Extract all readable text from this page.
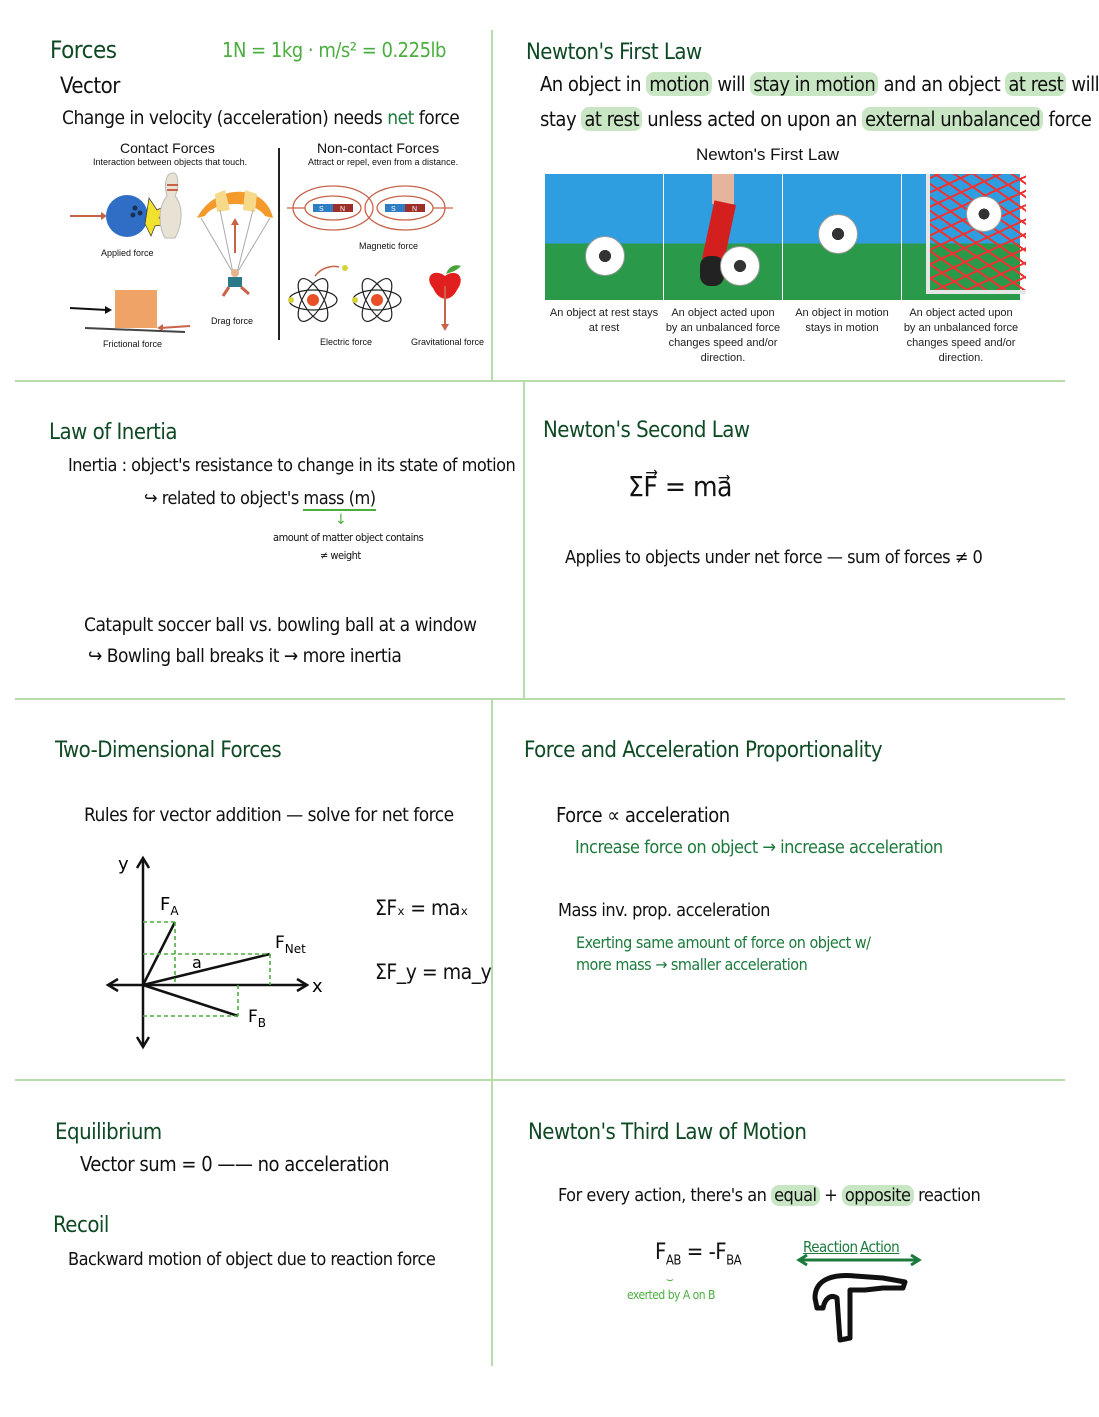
Forces	1N = 1kg · m/s² = 0.225lb
Vector
Change in velocity (acceleration) needs net force
Contact Forces
Interaction between objects that touch.
Non-contact Forces
Attract or repel, even from a distance.
Applied force
Drag force
Frictional force
S N	S N
Magnetic force
Electric force	Gravitational force
Newton's First Law
An object in motion will stay in motion and an object at rest will
stay at rest unless acted on upon an external unbalanced force
Newton's First Law
An object at rest stays at rest
An object acted upon by an unbalanced force changes speed and/or direction.
An object in motion stays in motion
An object acted upon by an unbalanced force changes speed and/or direction.
Law of Inertia
Inertia : object's resistance to change in its state of motion
↪ related to object's mass (m)
↓
amount of matter object contains
≠ weight
Catapult soccer ball vs. bowling ball at a window
↪ Bowling ball breaks it → more inertia
Newton's Second Law
ΣF⃗ = ma⃗
Applies to objects under net force — sum of forces ≠ 0
Two-Dimensional Forces
Rules for vector addition — solve for net force
y
x
$F_A$
$F_{Net}$
$F_B$
a
ΣFₓ = maₓ
ΣF_y = ma_y
Force and Acceleration Proportionality
Force ∝ acceleration
Increase force on object → increase acceleration
Mass inv. prop. acceleration
Exerting same amount of force on object w/
more mass → smaller acceleration
Equilibrium
Vector sum = 0 —— no acceleration
Recoil
Backward motion of object due to reaction force
Newton's Third Law of Motion
For every action, there's an equal + opposite reaction
$F_{AB} = -F_{BA}$
⌣
exerted by A on B
Reaction Action
